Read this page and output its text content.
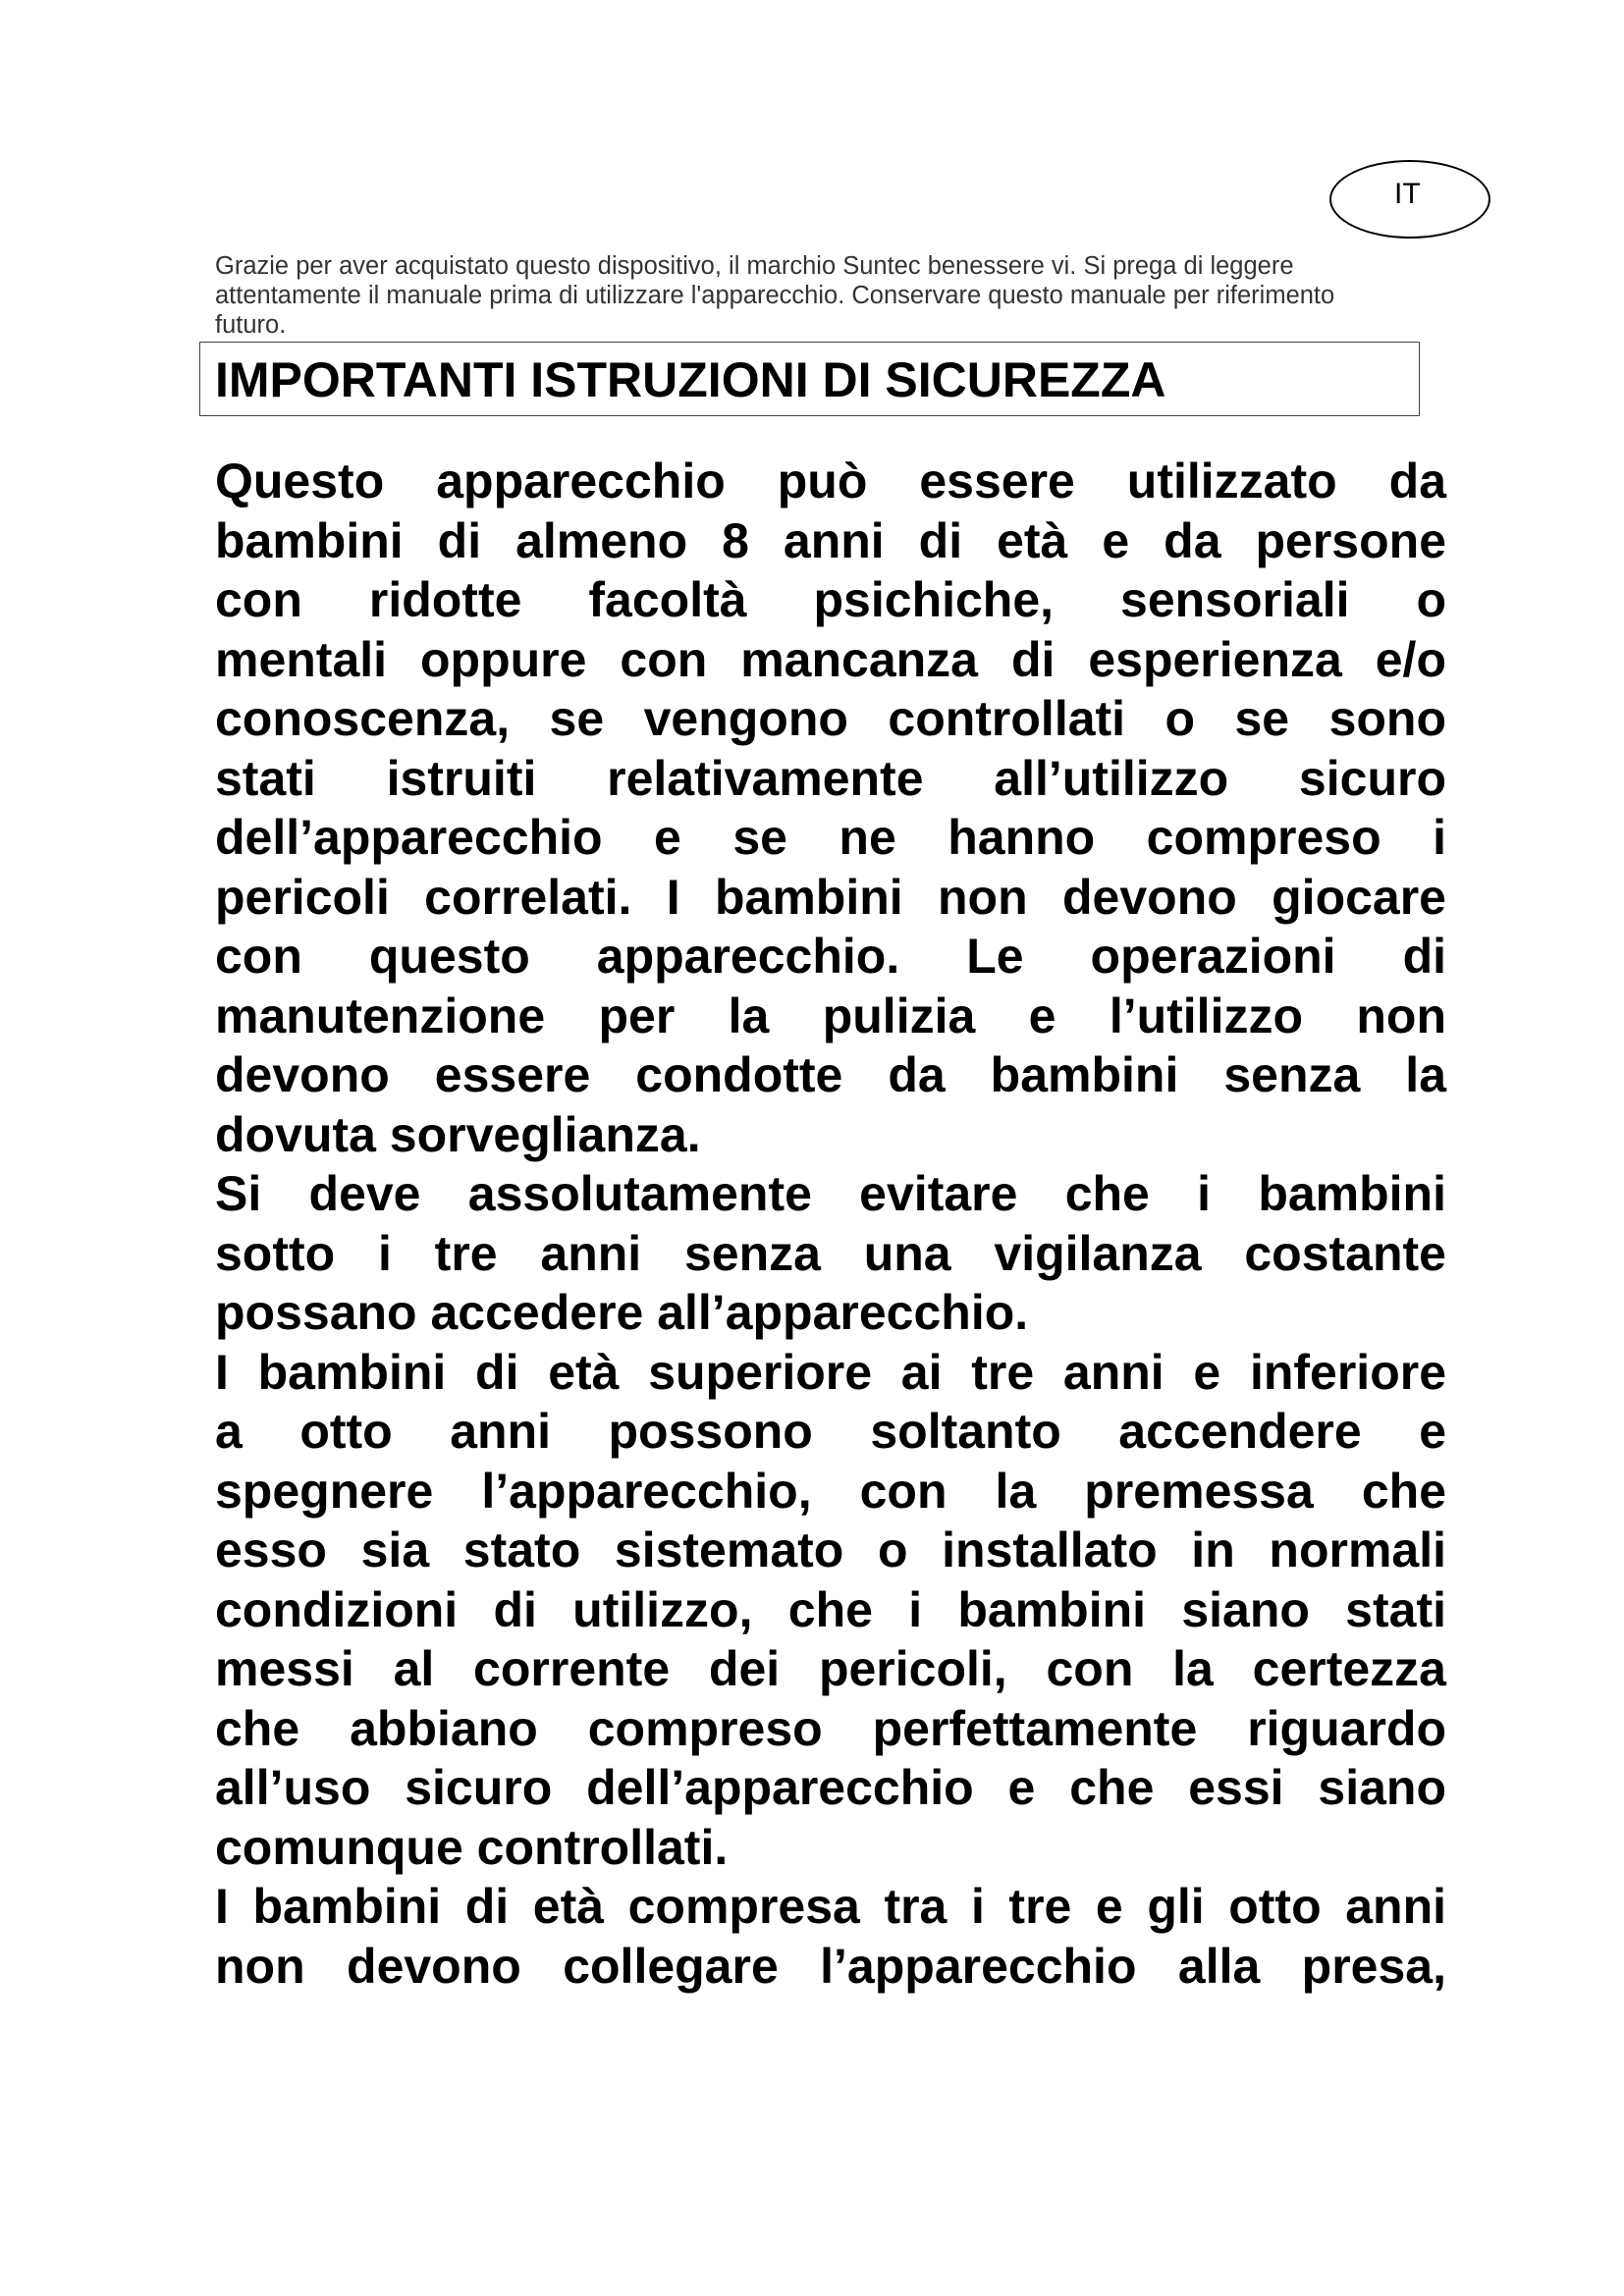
IT

Grazie per aver acquistato questo dispositivo, il marchio Suntec benessere vi. Si prega di leggere
attentamente il manuale prima di utilizzare l'apparecchio. Conservare questo manuale per riferimento
futuro.

IMPORTANTI ISTRUZIONI DI SICUREZZA
Questo apparecchio può essere utilizzato da
bambini di almeno 8 anni di età e da persone
con ridotte facoltà psichiche, sensoriali o
mentali oppure con mancanza di esperienza e/o
conoscenza, se vengono controllati o se sono
stati istruiti relativamente all’utilizzo sicuro
dell’apparecchio e se ne hanno compreso i
pericoli correlati. I bambini non devono giocare
con questo apparecchio. Le operazioni di
manutenzione per la pulizia e l’utilizzo non
devono essere condotte da bambini senza la
dovuta sorveglianza.
Si deve assolutamente evitare che i bambini
sotto i tre anni senza una vigilanza costante
possano accedere all’apparecchio.
I bambini di età superiore ai tre anni e inferiore
a otto anni possono soltanto accendere e
spegnere l’apparecchio, con la premessa che
esso sia stato sistemato o installato in normali
condizioni di utilizzo, che i bambini siano stati
messi al corrente dei pericoli, con la certezza
che abbiano compreso perfettamente riguardo
all’uso sicuro dell’apparecchio e che essi siano
comunque controllati.
I bambini di età compresa tra i tre e gli otto anni
non devono collegare l’apparecchio alla presa,
